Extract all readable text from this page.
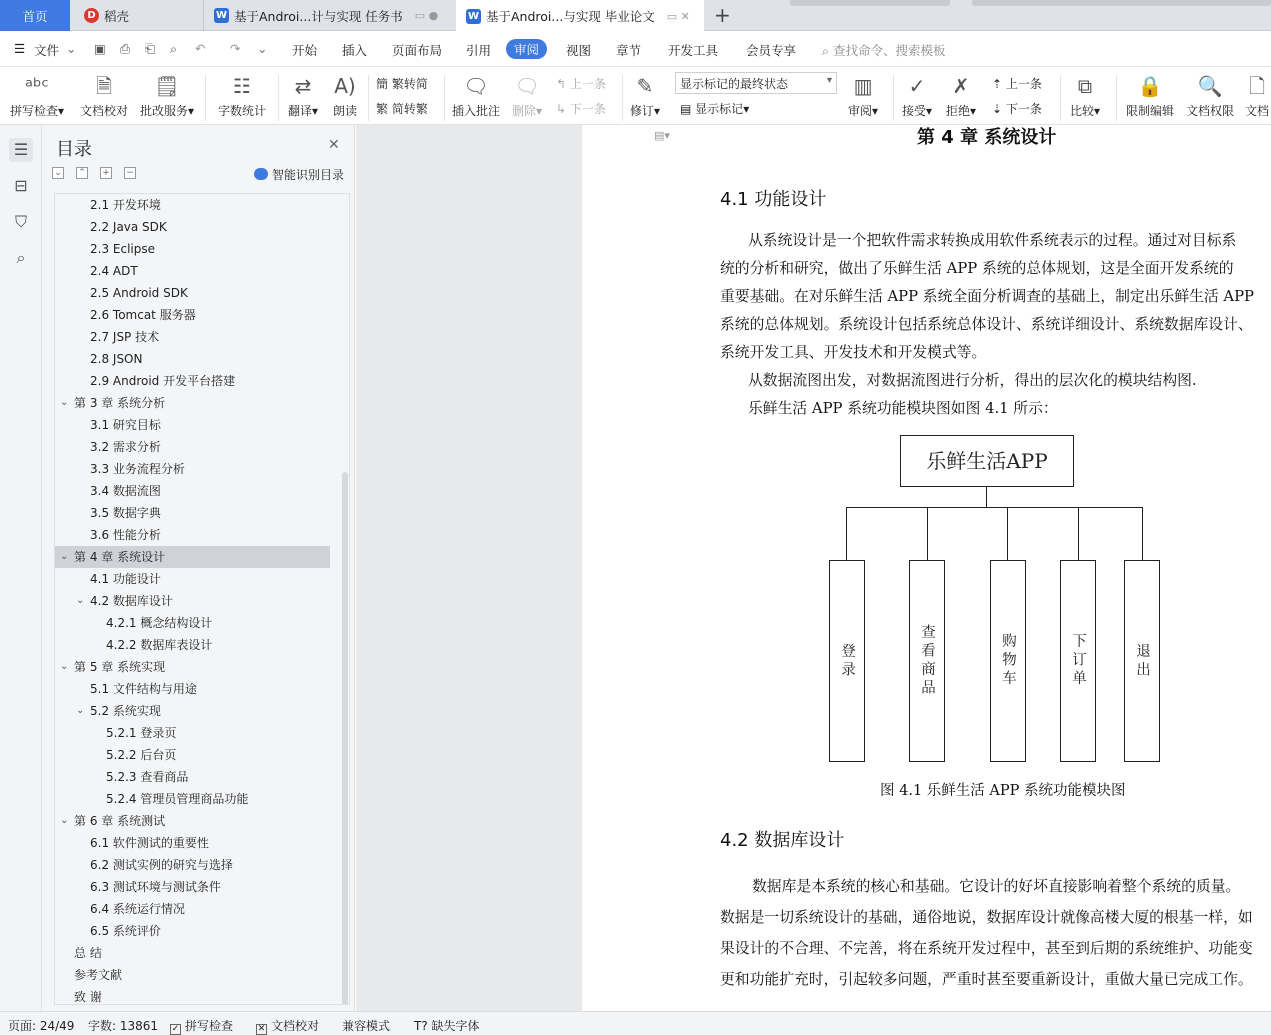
首页	D 稻壳	W 基于Androi...计与实现 任务书 ▭ ●	W 基于Androi...与实现 毕业论文 ▭ ✕ +
☰ 文件 ⌄ ▣ ⎙ ⎗ ⌕ ↶ ↷ ⌄ 开始 插入 页面布局 引用	审阅	视图 章节 开发工具 会员专享 ⌕ 查找命令、搜索模板
ᵃᵇᶜ
拼写检查▾
🗎
文档校对
🗒
批改服务▾
☷
字数统计
⇄
翻译▾
A)
朗读
簡 繁转简
繁 简转繁
🗨
插入批注
🗨
删除▾
↰ 上一条
↳ 下一条
✎
修订▾
显示标记的最终状态 ▾
▤ 显示标记▾
▥
审阅▾
✓
接受▾
✗
拒绝▾
⇡ 上一条
⇣ 下一条
⧉
比较▾
🔒
限制编辑
🔍
文档权限
🗋
文档
☰
⊟
⛉
⌕
目录	✕
⌄ ⌃ + −	智能识别目录
2.1 开发环境
2.2 Java SDK
2.3 Eclipse
2.4 ADT
2.5 Android SDK
2.6 Tomcat 服务器
2.7 JSP 技术
2.8 JSON
2.9 Android 开发平台搭建
⌄ 第 3 章 系统分析
3.1 研究目标
3.2 需求分析
3.3 业务流程分析
3.4 数据流图
3.5 数据字典
3.6 性能分析
⌄ 第 4 章 系统设计
4.1 功能设计
⌄ 4.2 数据库设计
4.2.1 概念结构设计
4.2.2 数据库表设计
⌄ 第 5 章 系统实现
5.1 文件结构与用途
⌄ 5.2 系统实现
5.2.1 登录页
5.2.2 后台页
5.2.3 查看商品
5.2.4 管理员管理商品功能
⌄ 第 6 章 系统测试
6.1 软件测试的重要性
6.2 测试实例的研究与选择
6.3 测试环境与测试条件
6.4 系统运行情况
6.5 系统评价
总 结
参考文献
致 谢
第 4 章 系统设计
▤▾
4.1 功能设计
从系统设计是一个把软件需求转换成用软件系统表示的过程。通过对目标系
统的分析和研究，做出了乐鲜生活 APP 系统的总体规划，这是全面开发系统的
重要基础。在对乐鲜生活 APP 系统全面分析调查的基础上，制定出乐鲜生活 APP
系统的总体规划。系统设计包括系统总体设计、系统详细设计、系统数据库设计、
系统开发工具、开发技术和开发模式等。
从数据流图出发，对数据流图进行分析，得出的层次化的模块结构图.
乐鲜生活 APP 系统功能模块图如图 4.1 所示：
乐鲜生活APP
登录	查看商品	购物车	下订单	退出
图 4.1 乐鲜生活 APP 系统功能模块图
4.2 数据库设计
数据库是本系统的核心和基础。它设计的好坏直接影响着整个系统的质量。
数据是一切系统设计的基础，通俗地说，数据库设计就像高楼大厦的根基一样，如
果设计的不合理、不完善，将在系统开发过程中，甚至到后期的系统维护、功能变
更和功能扩充时，引起较多问题，严重时甚至要重新设计，重做大量已完成工作。
页面: 24/49 字数: 13861 ✓ 拼写检查	✕ 文档校对 兼容模式 T? 缺失字体
